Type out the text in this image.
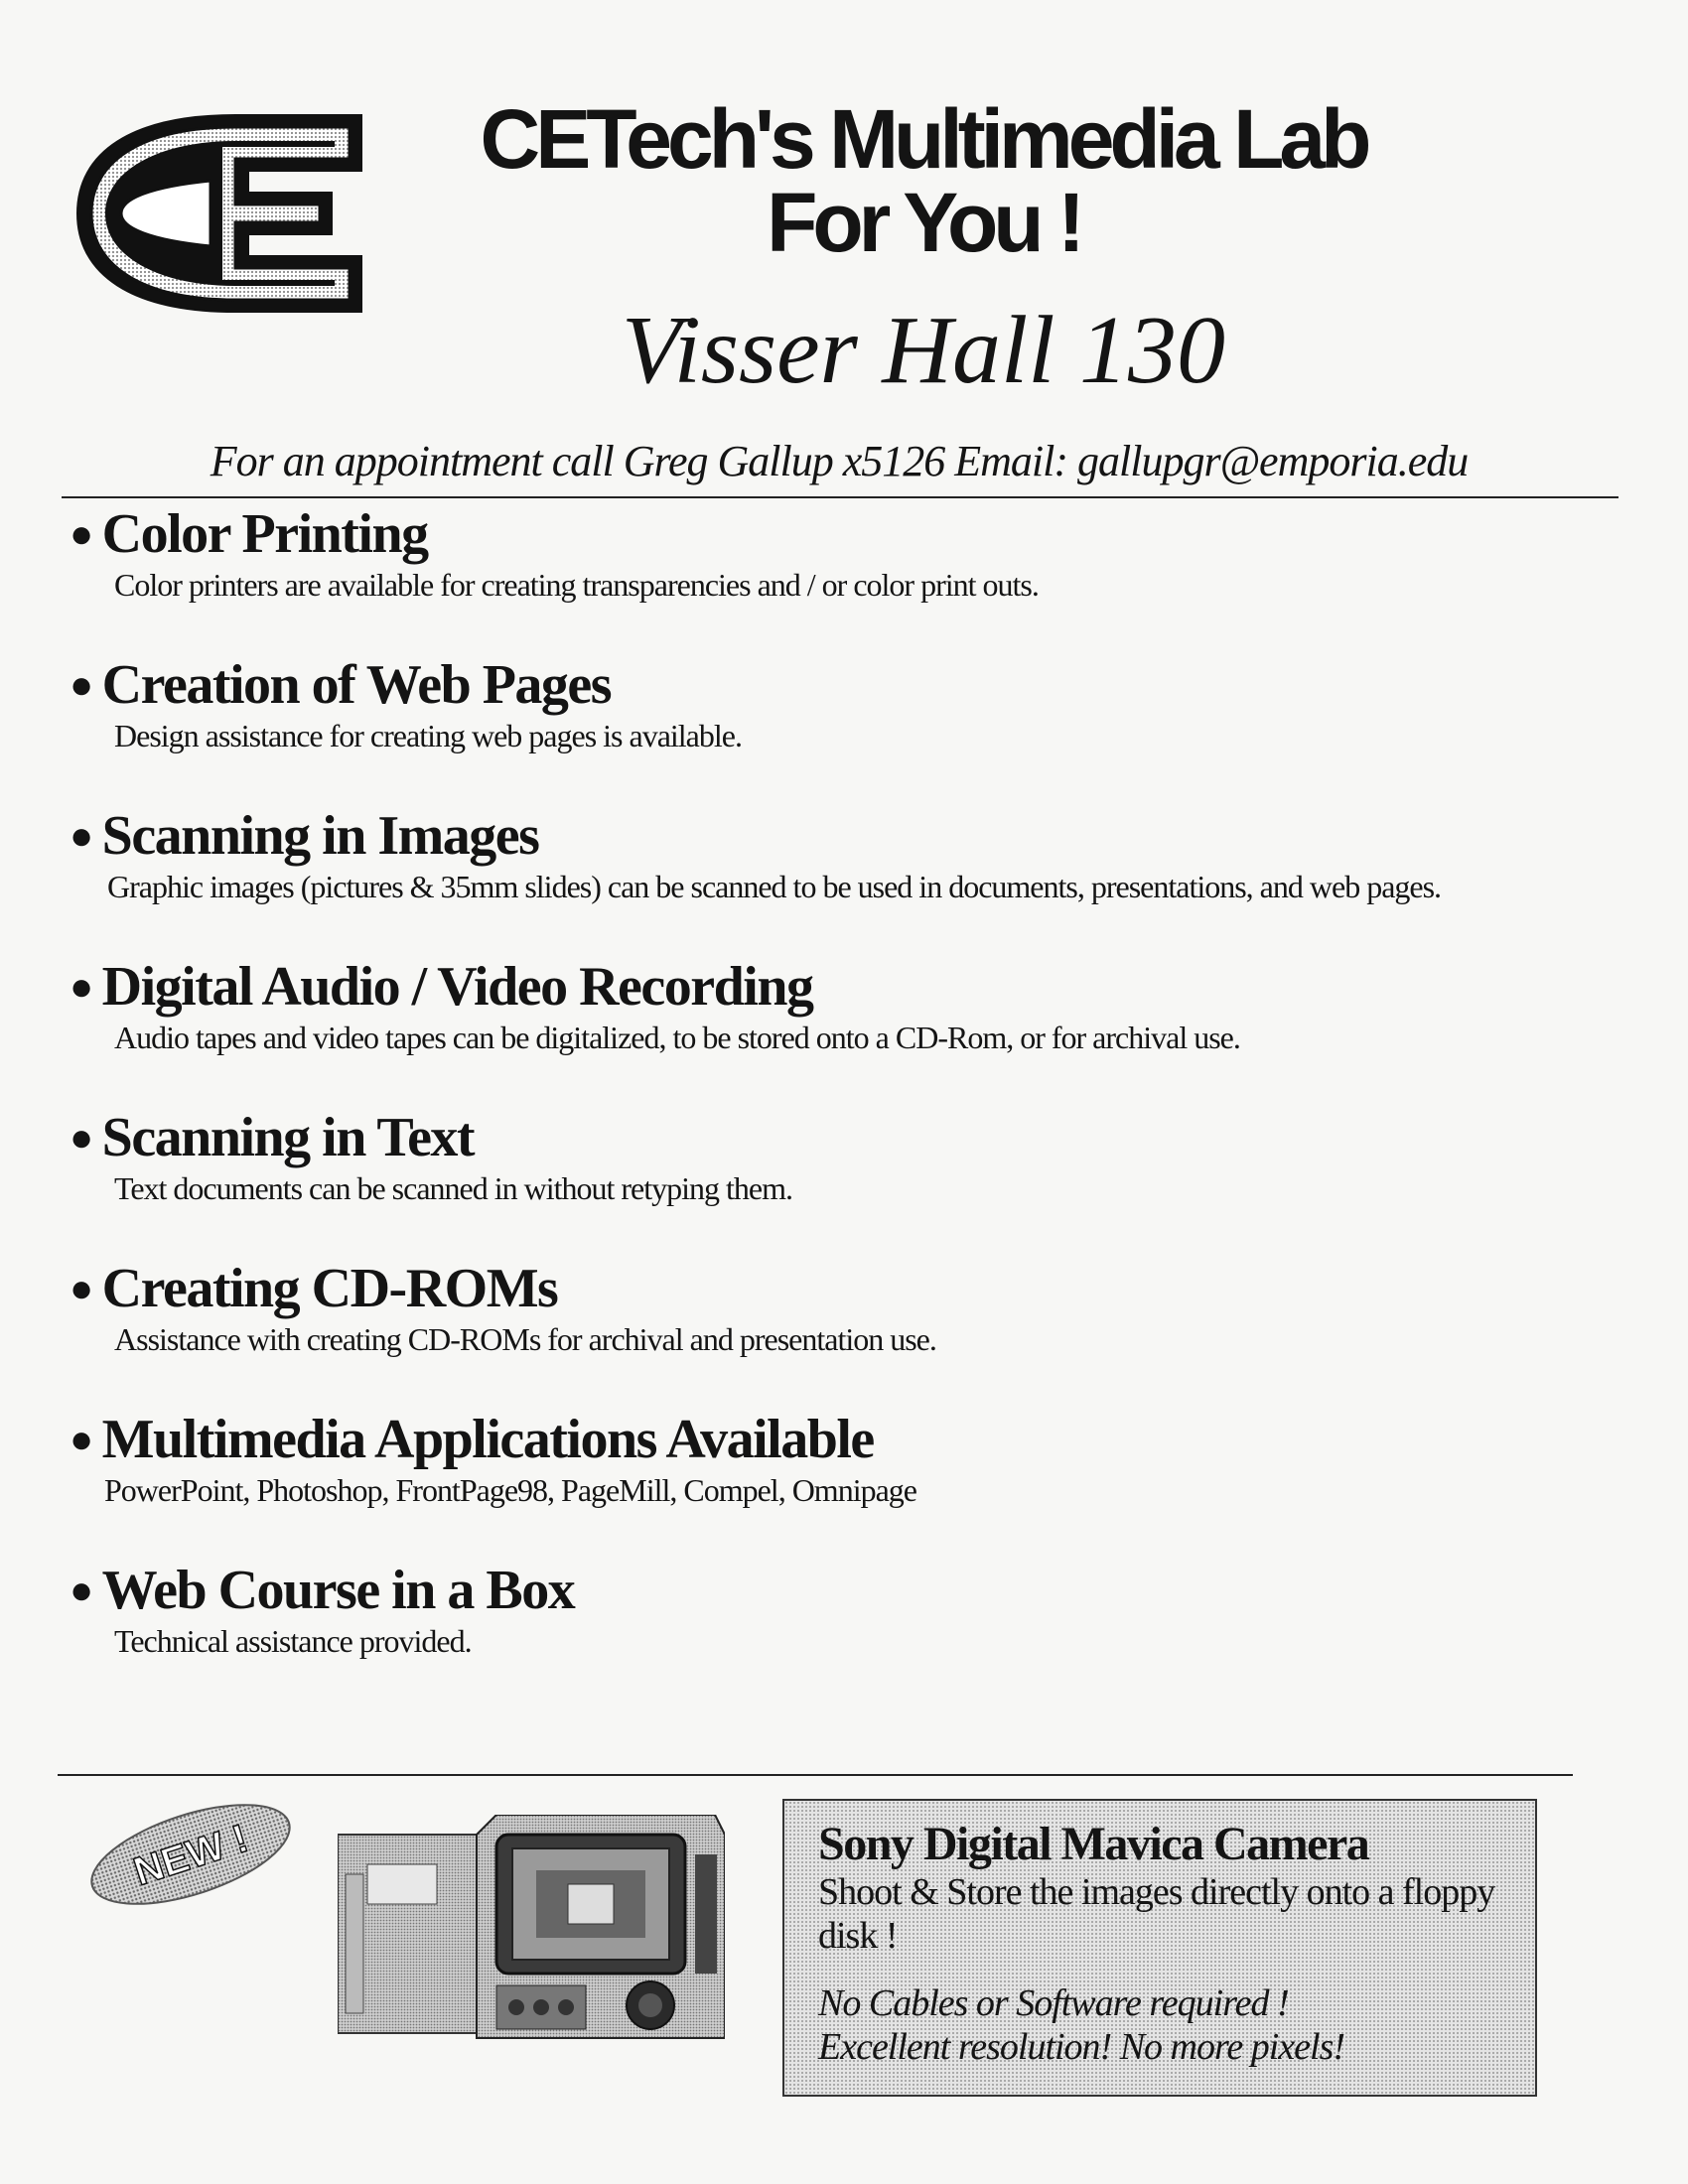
CETech's Multimedia Lab
For You !
Visser Hall 130
For an appointment call Greg Gallup x5126 Email: gallupgr@emporia.edu
● Color Printing
Color printers are available for creating transparencies and / or color print outs.
● Creation of Web Pages
Design assistance for creating web pages is available.
● Scanning in Images
Graphic images (pictures & 35mm slides) can be scanned to be used in documents, presentations, and web pages.
● Digital Audio / Video Recording
Audio tapes and video tapes can be digitalized, to be stored onto a CD-Rom, or for archival use.
● Scanning in Text
Text documents can be scanned in without retyping them.
● Creating CD-ROMs
Assistance with creating CD-ROMs for archival and presentation use.
● Multimedia Applications Available
PowerPoint, Photoshop, FrontPage98, PageMill, Compel, Omnipage
● Web Course in a Box
Technical assistance provided.
NEW !	Sony Digital Mavica Camera
Shoot & Store the images directly onto a floppy disk !
No Cables or Software required !
Excellent resolution! No more pixels!
